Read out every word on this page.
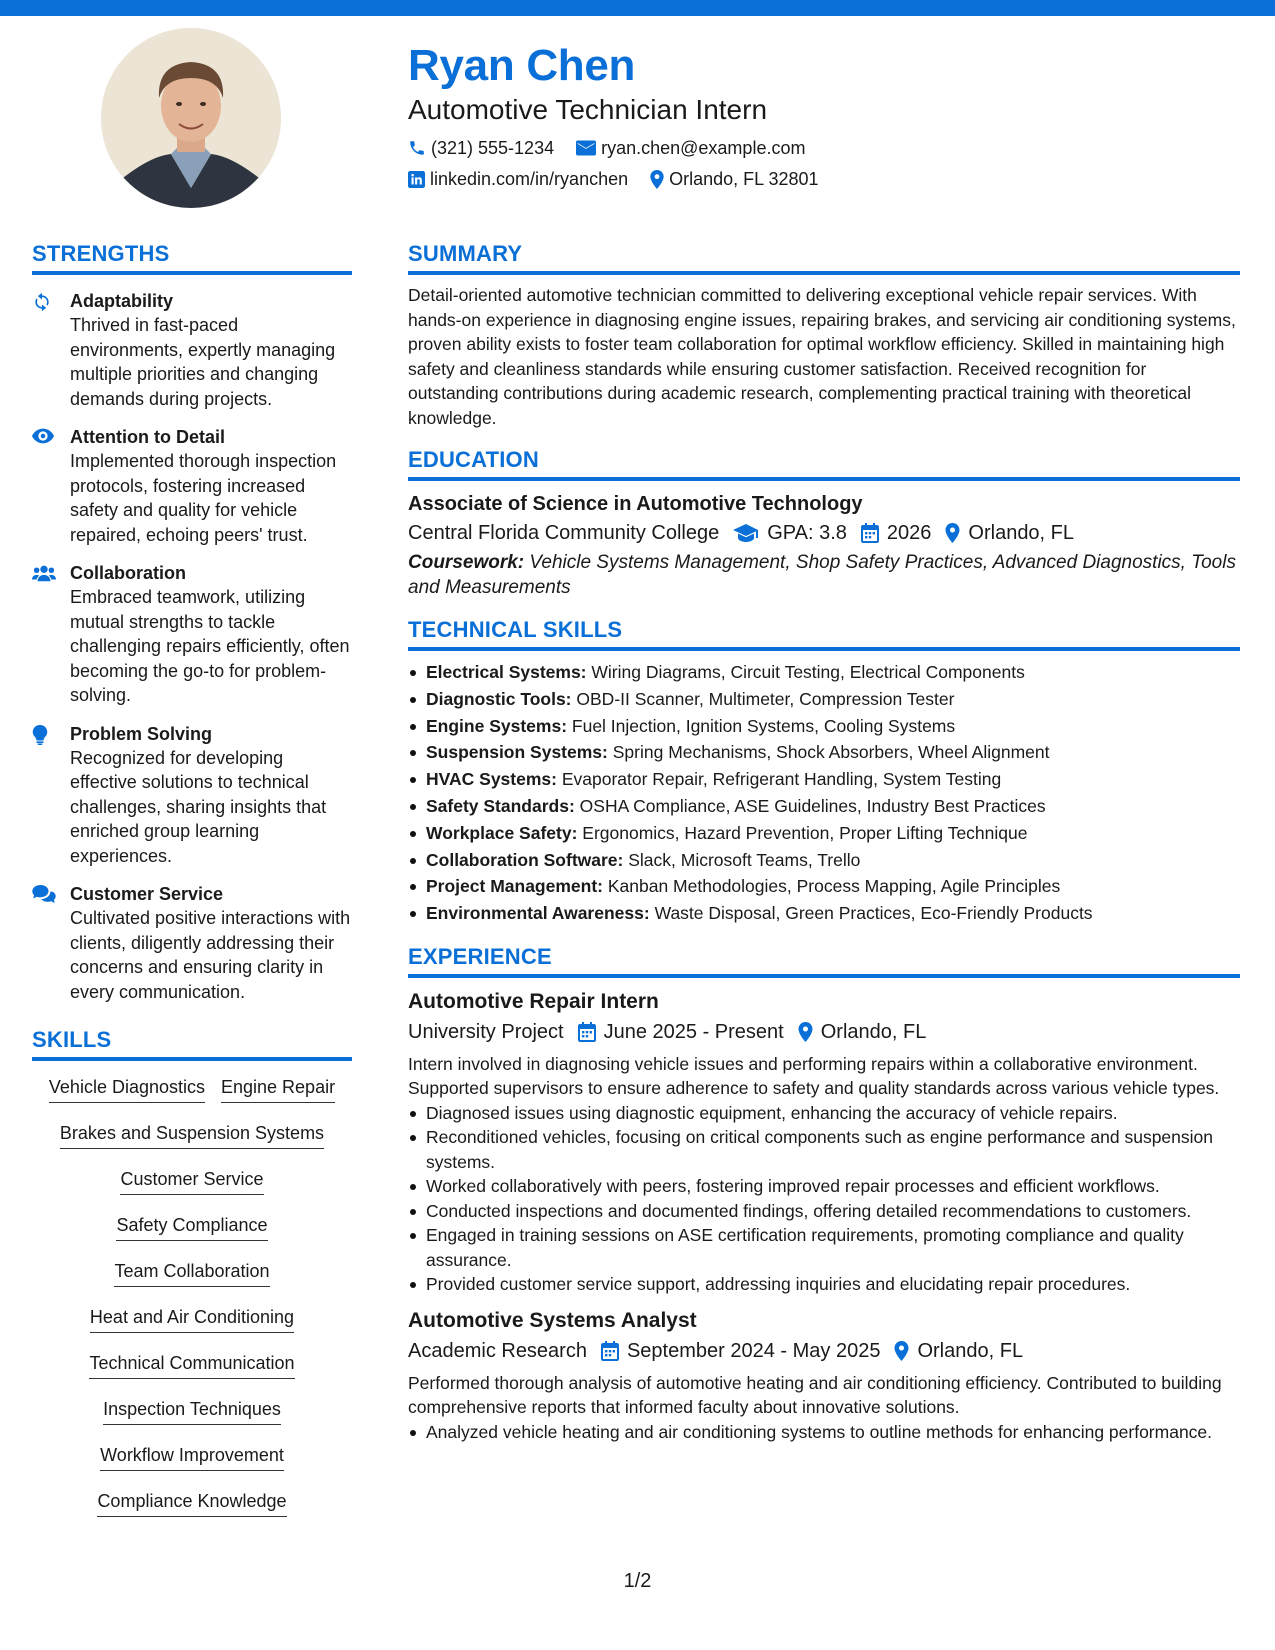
Ryan Chen
Automotive Technician Intern
(321) 555-1234	ryan.chen@example.com
linkedin.com/in/ryanchen Orlando, FL 32801
STRENGTHS
Adaptability
Thrived in fast-paced environments, expertly managing multiple priorities and changing demands during projects.
Attention to Detail
Implemented thorough inspection protocols, fostering increased safety and quality for vehicle repaired, echoing peers' trust.
Collaboration
Embraced teamwork, utilizing mutual strengths to tackle challenging repairs efficiently, often becoming the go-to for problem-solving.
Problem Solving
Recognized for developing effective solutions to technical challenges, sharing insights that enriched group learning experiences.
Customer Service
Cultivated positive interactions with clients, diligently addressing their concerns and ensuring clarity in every communication.
SKILLS
Vehicle Diagnostics Engine Repair
Brakes and Suspension Systems
Customer Service
Safety Compliance
Team Collaboration
Heat and Air Conditioning
Technical Communication
Inspection Techniques
Workflow Improvement
Compliance Knowledge
SUMMARY
Detail-oriented automotive technician committed to delivering exceptional vehicle repair services. With hands-on experience in diagnosing engine issues, repairing brakes, and servicing air conditioning systems, proven ability exists to foster team collaboration for optimal workflow efficiency. Skilled in maintaining high safety and cleanliness standards while ensuring customer satisfaction. Received recognition for outstanding contributions during academic research, complementing practical training with theoretical knowledge.
EDUCATION
Associate of Science in Automotive Technology
Central Florida Community College GPA: 3.8 2026 Orlando, FL
Coursework: Vehicle Systems Management, Shop Safety Practices, Advanced Diagnostics, Tools and Measurements
TECHNICAL SKILLS
Electrical Systems: Wiring Diagrams, Circuit Testing, Electrical Components
Diagnostic Tools: OBD-II Scanner, Multimeter, Compression Tester
Engine Systems: Fuel Injection, Ignition Systems, Cooling Systems
Suspension Systems: Spring Mechanisms, Shock Absorbers, Wheel Alignment
HVAC Systems: Evaporator Repair, Refrigerant Handling, System Testing
Safety Standards: OSHA Compliance, ASE Guidelines, Industry Best Practices
Workplace Safety: Ergonomics, Hazard Prevention, Proper Lifting Technique
Collaboration Software: Slack, Microsoft Teams, Trello
Project Management: Kanban Methodologies, Process Mapping, Agile Principles
Environmental Awareness: Waste Disposal, Green Practices, Eco-Friendly Products
EXPERIENCE
Automotive Repair Intern
University Project June 2025 - Present Orlando, FL
Intern involved in diagnosing vehicle issues and performing repairs within a collaborative environment. Supported supervisors to ensure adherence to safety and quality standards across various vehicle types.
Diagnosed issues using diagnostic equipment, enhancing the accuracy of vehicle repairs.
Reconditioned vehicles, focusing on critical components such as engine performance and suspension systems.
Worked collaboratively with peers, fostering improved repair processes and efficient workflows.
Conducted inspections and documented findings, offering detailed recommendations to customers.
Engaged in training sessions on ASE certification requirements, promoting compliance and quality assurance.
Provided customer service support, addressing inquiries and elucidating repair procedures.
Automotive Systems Analyst
Academic Research September 2024 - May 2025 Orlando, FL
Performed thorough analysis of automotive heating and air conditioning efficiency. Contributed to building comprehensive reports that informed faculty about innovative solutions.
Analyzed vehicle heating and air conditioning systems to outline methods for enhancing performance.
1/2
